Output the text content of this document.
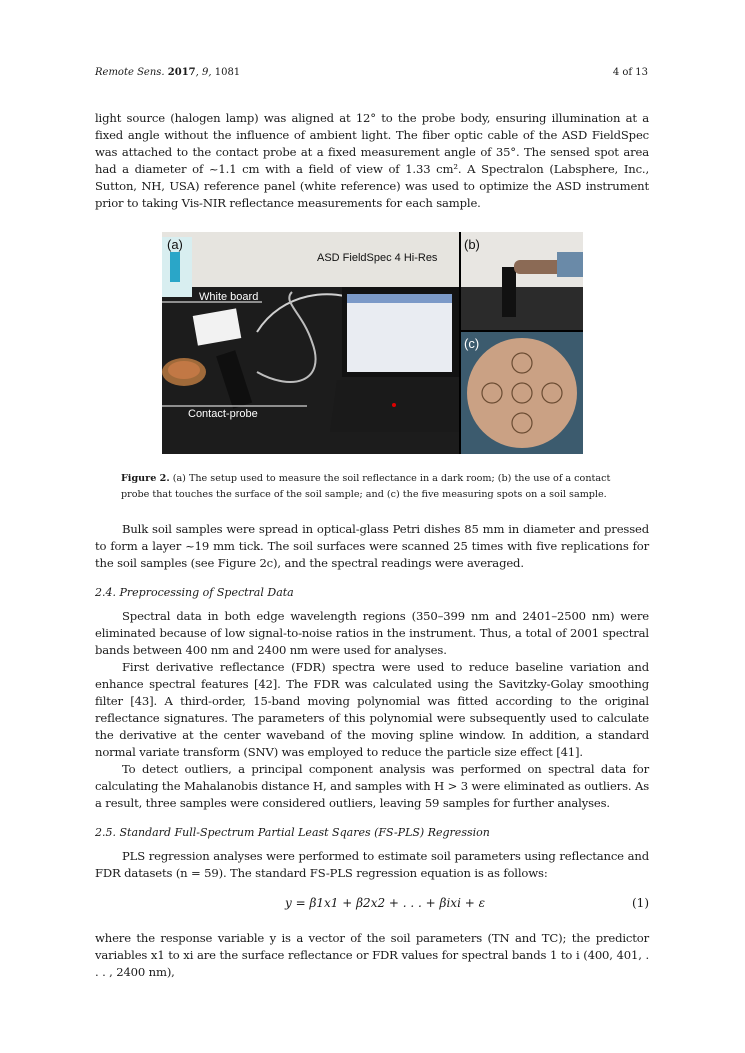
Remote Sens. 2017, 9, 1081	4 of 13

light source (halogen lamp) was aligned at 12° to the probe body, ensuring illumination at a fixed angle without the influence of ambient light. The fiber optic cable of the ASD FieldSpec was attached to the contact probe at a fixed measurement angle of 35°. The sensed spot area had a diameter of ~1.1 cm with a field of view of 1.33 cm². A Spectralon (Labsphere, Inc., Sutton, NH, USA) reference panel (white reference) was used to optimize the ASD instrument prior to taking Vis-NIR reflectance measurements for each sample.

(a)
ASD FieldSpec 4 Hi-Res
White board
Contact-probe
(b)
(c)

Figure 2. (a) The setup used to measure the soil reflectance in a dark room; (b) the use of a contact probe that touches the surface of the soil sample; and (c) the five measuring spots on a soil sample.

Bulk soil samples were spread in optical-glass Petri dishes 85 mm in diameter and pressed to form a layer ~19 mm tick. The soil surfaces were scanned 25 times with five replications for the soil samples (see Figure 2c), and the spectral readings were averaged.

2.4. Preprocessing of Spectral Data

Spectral data in both edge wavelength regions (350–399 nm and 2401–2500 nm) were eliminated because of low signal-to-noise ratios in the instrument. Thus, a total of 2001 spectral bands between 400 nm and 2400 nm were used for analyses.

First derivative reflectance (FDR) spectra were used to reduce baseline variation and enhance spectral features [42]. The FDR was calculated using the Savitzky-Golay smoothing filter [43]. A third-order, 15-band moving polynomial was fitted according to the original reflectance signatures. The parameters of this polynomial were subsequently used to calculate the derivative at the center waveband of the moving spline window. In addition, a standard normal variate transform (SNV) was employed to reduce the particle size effect [41].

To detect outliers, a principal component analysis was performed on spectral data for calculating the Mahalanobis distance H, and samples with H > 3 were eliminated as outliers. As a result, three samples were considered outliers, leaving 59 samples for further analyses.

2.5. Standard Full-Spectrum Partial Least Sqares (FS-PLS) Regression

PLS regression analyses were performed to estimate soil parameters using reflectance and FDR datasets (n = 59). The standard FS-PLS regression equation is as follows:

y = β1x1 + β2x2 + . . . + βixi + ε	(1)

where the response variable y is a vector of the soil parameters (TN and TC); the predictor variables x1 to xi are the surface reflectance or FDR values for spectral bands 1 to i (400, 401, . . . , 2400 nm),
